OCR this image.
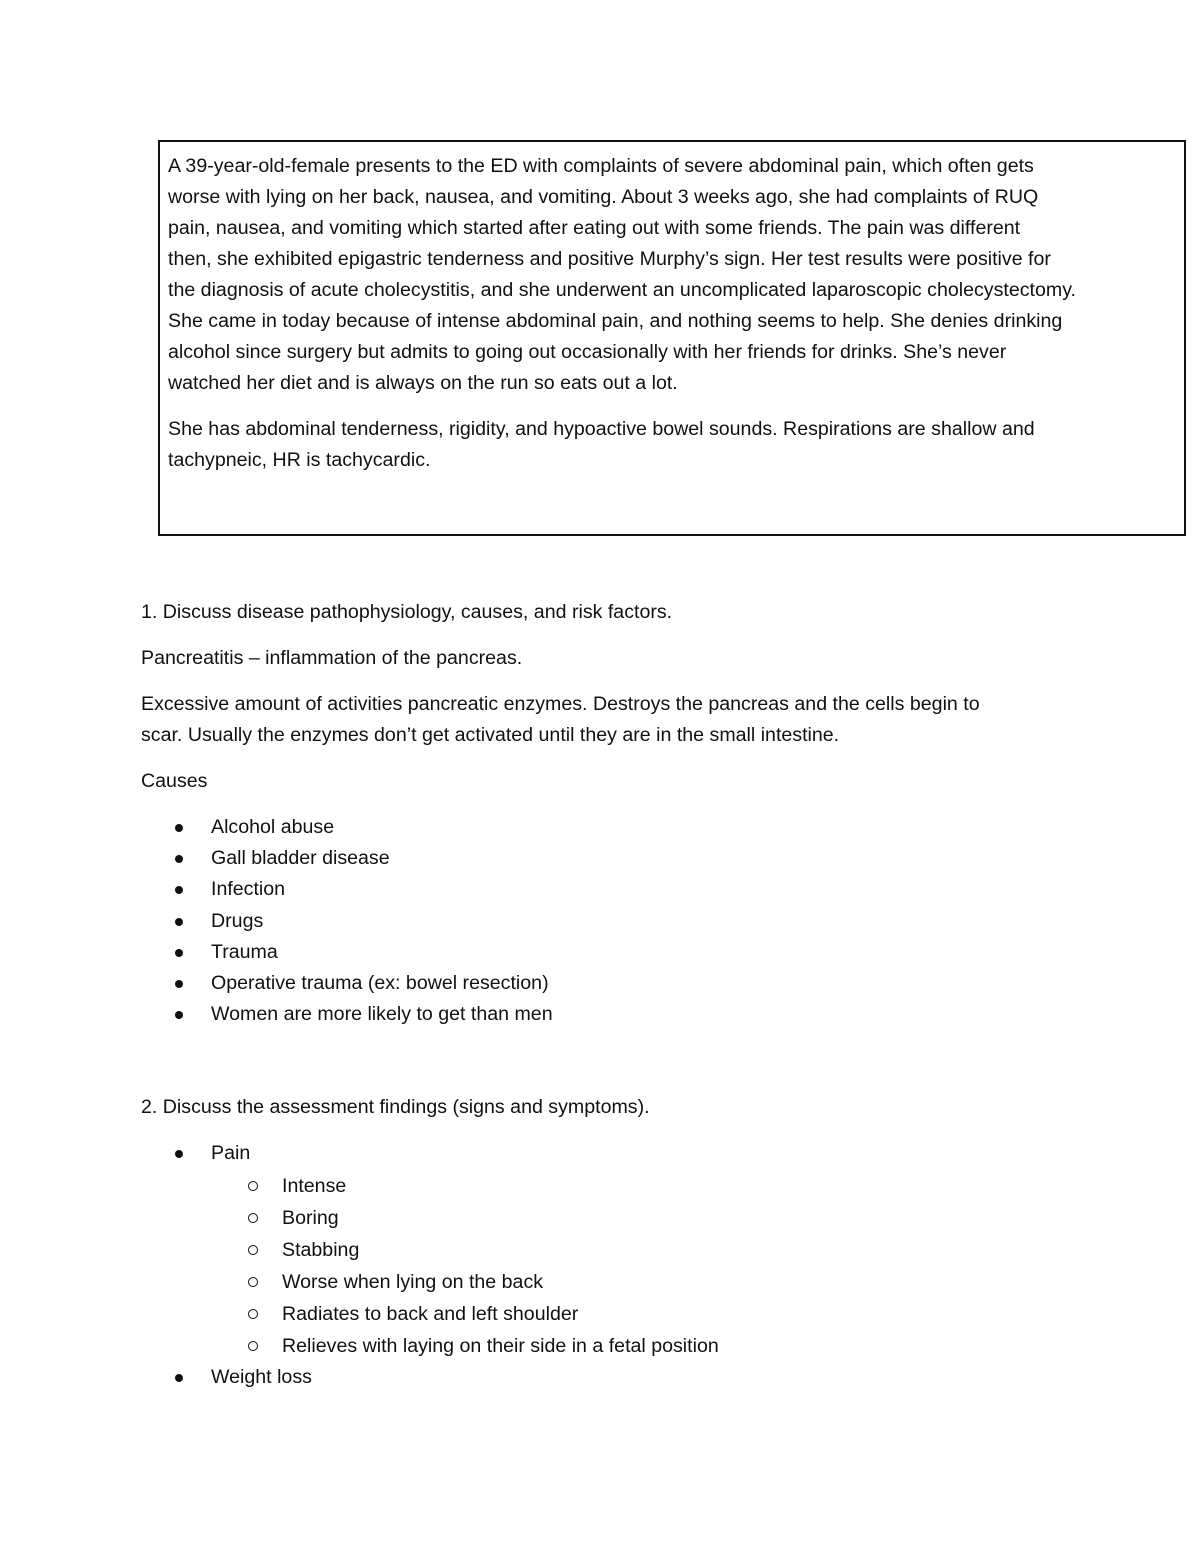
A 39-year-old-female presents to the ED with complaints of severe abdominal pain, which often gets
worse with lying on her back, nausea, and vomiting. About 3 weeks ago, she had complaints of RUQ
pain, nausea, and vomiting which started after eating out with some friends. The pain was different
then, she exhibited epigastric tenderness and positive Murphy’s sign. Her test results were positive for
the diagnosis of acute cholecystitis, and she underwent an uncomplicated laparoscopic cholecystectomy.
She came in today because of intense abdominal pain, and nothing seems to help. She denies drinking
alcohol since surgery but admits to going out occasionally with her friends for drinks. She’s never
watched her diet and is always on the run so eats out a lot.

She has abdominal tenderness, rigidity, and hypoactive bowel sounds. Respirations are shallow and
tachypneic, HR is tachycardic.

1. Discuss disease pathophysiology, causes, and risk factors.

Pancreatitis – inflammation of the pancreas.

Excessive amount of activities pancreatic enzymes. Destroys the pancreas and the cells begin to
scar. Usually the enzymes don’t get activated until they are in the small intestine.

Causes

Alcohol abuse
Gall bladder disease
Infection
Drugs
Trauma
Operative trauma (ex: bowel resection)
Women are more likely to get than men

2. Discuss the assessment findings (signs and symptoms).

Pain
Intense
Boring
Stabbing
Worse when lying on the back
Radiates to back and left shoulder
Relieves with laying on their side in a fetal position
Weight loss
